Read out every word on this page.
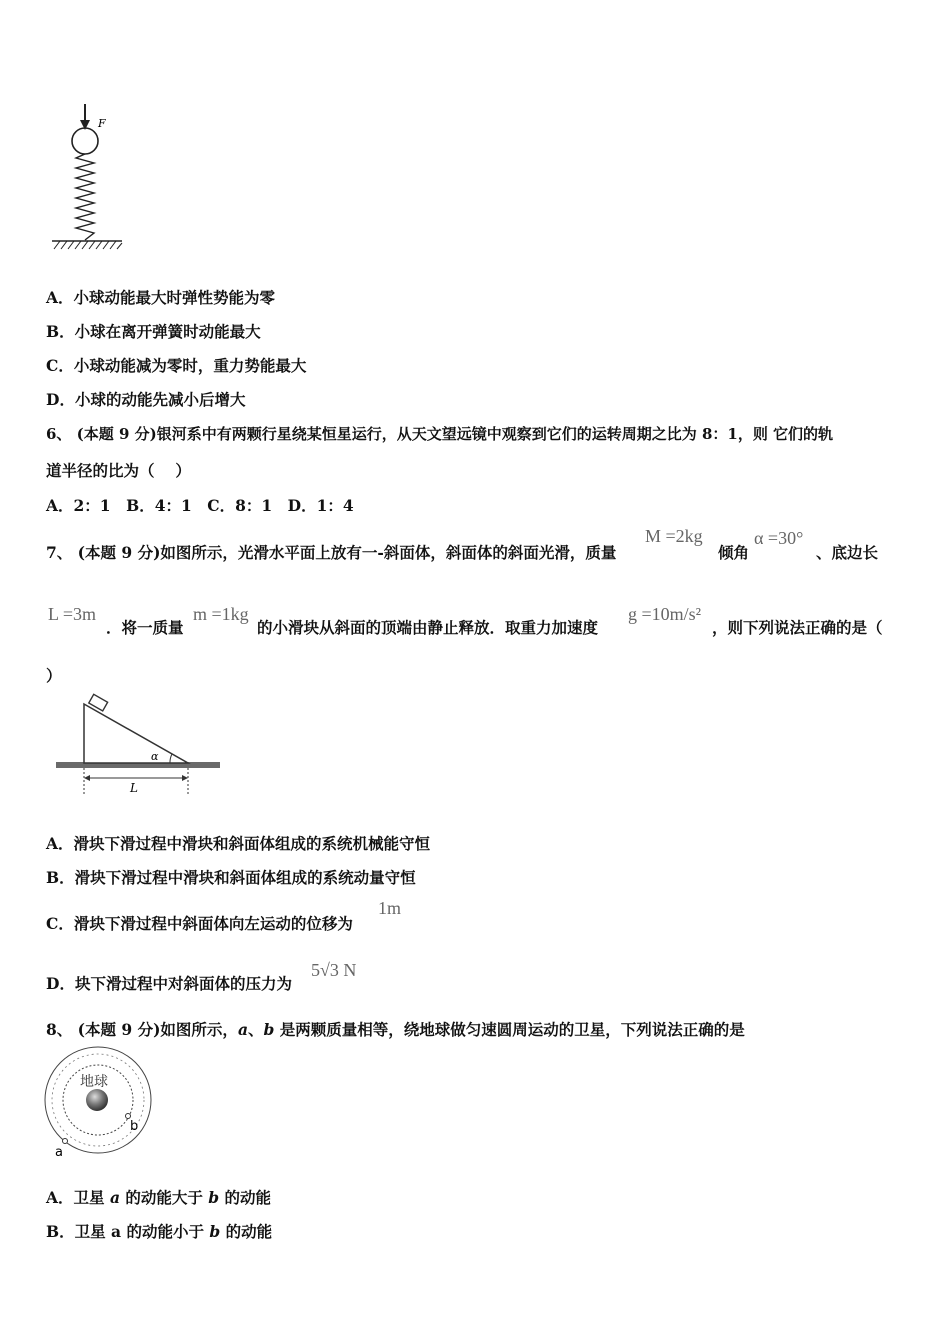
F
A．小球动能最大时弹性势能为零
B．小球在离开弹簧时动能最大
C．小球动能减为零时，重力势能最大
D．小球的动能先减小后增大
6、 (本题 9 分)银河系中有两颗行星绕某恒星运行，从天文望远镜中观察到它们的运转周期之比为 8：1，则 它们的轨
道半径的比为（　 ）
A．2：1　B．4：1　C．8：1　D．1：4
7、 (本题 9 分)如图所示，光滑水平面上放有一-斜面体，斜面体的斜面光滑，质量
M =2kg
倾角
α =30°
、底边长
L =3m
．将一质量
m =1kg
的小滑块从斜面的顶端由静止释放．取重力加速度
g =10m/s²
，则下列说法正确的是（
）
α
L
A．滑块下滑过程中滑块和斜面体组成的系统机械能守恒
B．滑块下滑过程中滑块和斜面体组成的系统动量守恒
C．滑块下滑过程中斜面体向左运动的位移为
1m
D．块下滑过程中对斜面体的压力为
5√3 N
8、 (本题 9 分)如图所示，a、b 是两颗质量相等，绕地球做匀速圆周运动的卫星，下列说法正确的是
地球
b
a
A．卫星 a 的动能大于 b 的动能
B．卫星 a 的动能小于 b 的动能
